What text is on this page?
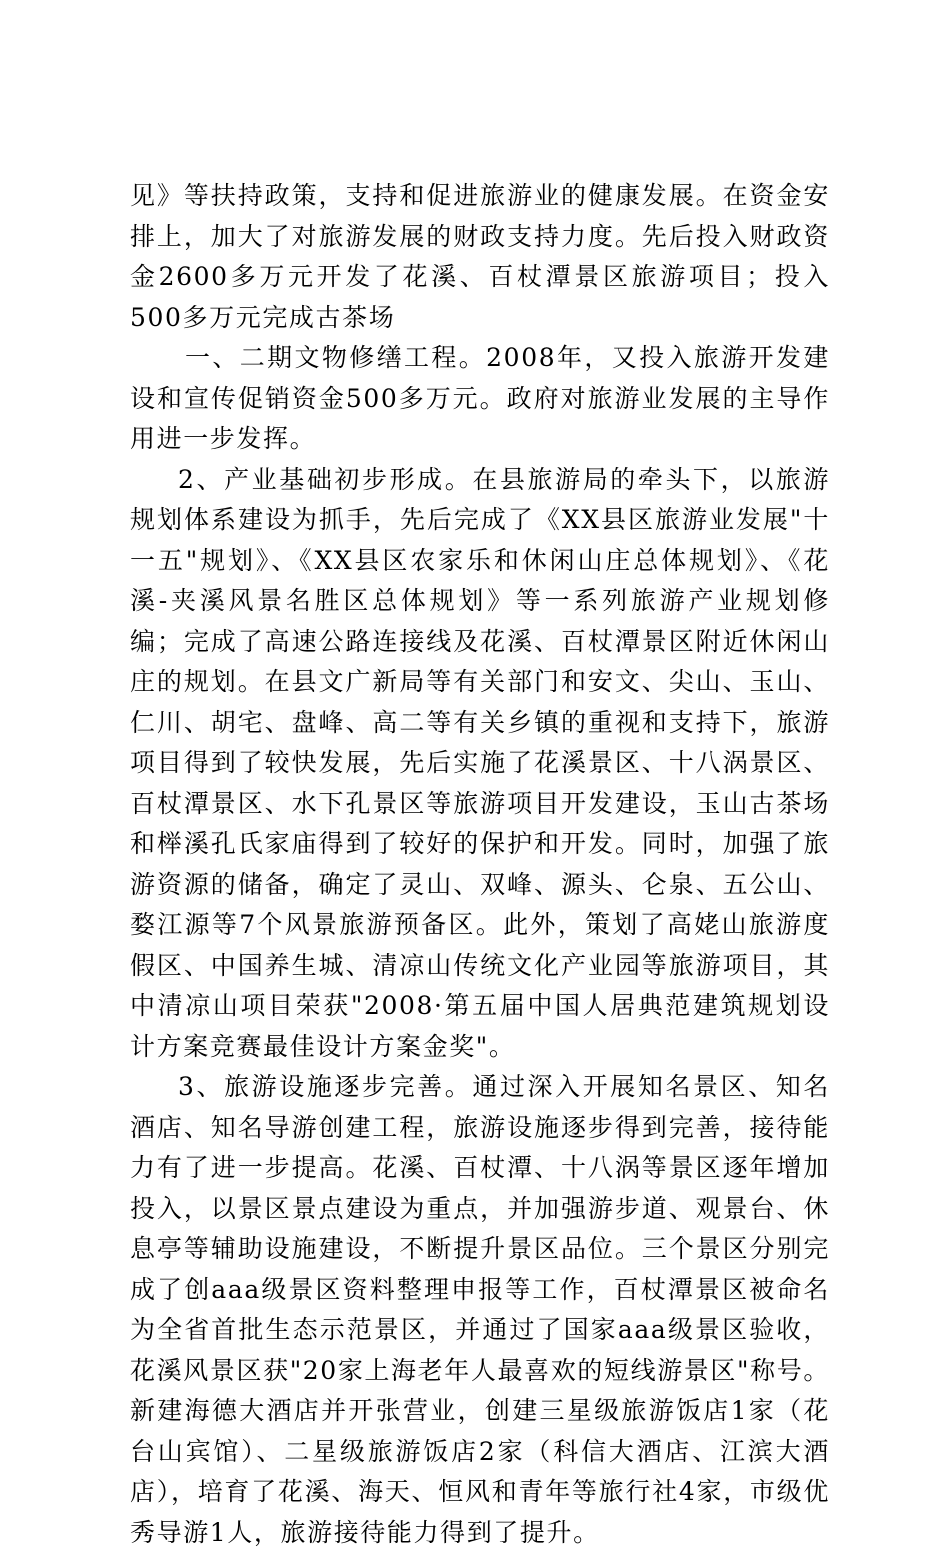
见》等扶持政策，支持和促进旅游业的健康发展。在资金安排上，加大了对旅游发展的财政支持力度。先后投入财政资金2600多万元开发了花溪、百杖潭景区旅游项目；投入500多万元完成古茶场

一、二期文物修缮工程。2008年，又投入旅游开发建设和宣传促销资金500多万元。政府对旅游业发展的主导作用进一步发挥。

2、产业基础初步形成。在县旅游局的牵头下，以旅游规划体系建设为抓手，先后完成了《XX县区旅游业发展"十一五"规划》、《XX县区农家乐和休闲山庄总体规划》、《花溪-夹溪风景名胜区总体规划》等一系列旅游产业规划修编；完成了高速公路连接线及花溪、百杖潭景区附近休闲山庄的规划。在县文广新局等有关部门和安文、尖山、玉山、仁川、胡宅、盘峰、高二等有关乡镇的重视和支持下，旅游项目得到了较快发展，先后实施了花溪景区、十八涡景区、百杖潭景区、水下孔景区等旅游项目开发建设，玉山古茶场和榉溪孔氏家庙得到了较好的保护和开发。同时，加强了旅游资源的储备，确定了灵山、双峰、源头、仑泉、五公山、婺江源等7个风景旅游预备区。此外，策划了高姥山旅游度假区、中国养生城、清凉山传统文化产业园等旅游项目，其中清凉山项目荣获"2008·第五届中国人居典范建筑规划设计方案竞赛最佳设计方案金奖"。

3、旅游设施逐步完善。通过深入开展知名景区、知名酒店、知名导游创建工程，旅游设施逐步得到完善，接待能力有了进一步提高。花溪、百杖潭、十八涡等景区逐年增加投入，以景区景点建设为重点，并加强游步道、观景台、休息亭等辅助设施建设，不断提升景区品位。三个景区分别完成了创aaa级景区资料整理申报等工作，百杖潭景区被命名为全省首批生态示范景区，并通过了国家aaa级景区验收，花溪风景区获"20家上海老年人最喜欢的短线游景区"称号。新建海德大酒店并开张营业，创建三星级旅游饭店1家（花台山宾馆）、二星级旅游饭店2家（科信大酒店、江滨大酒店），培育了花溪、海天、恒风和青年等旅行社4家，市级优秀导游1人，旅游接待能力得到了提升。
